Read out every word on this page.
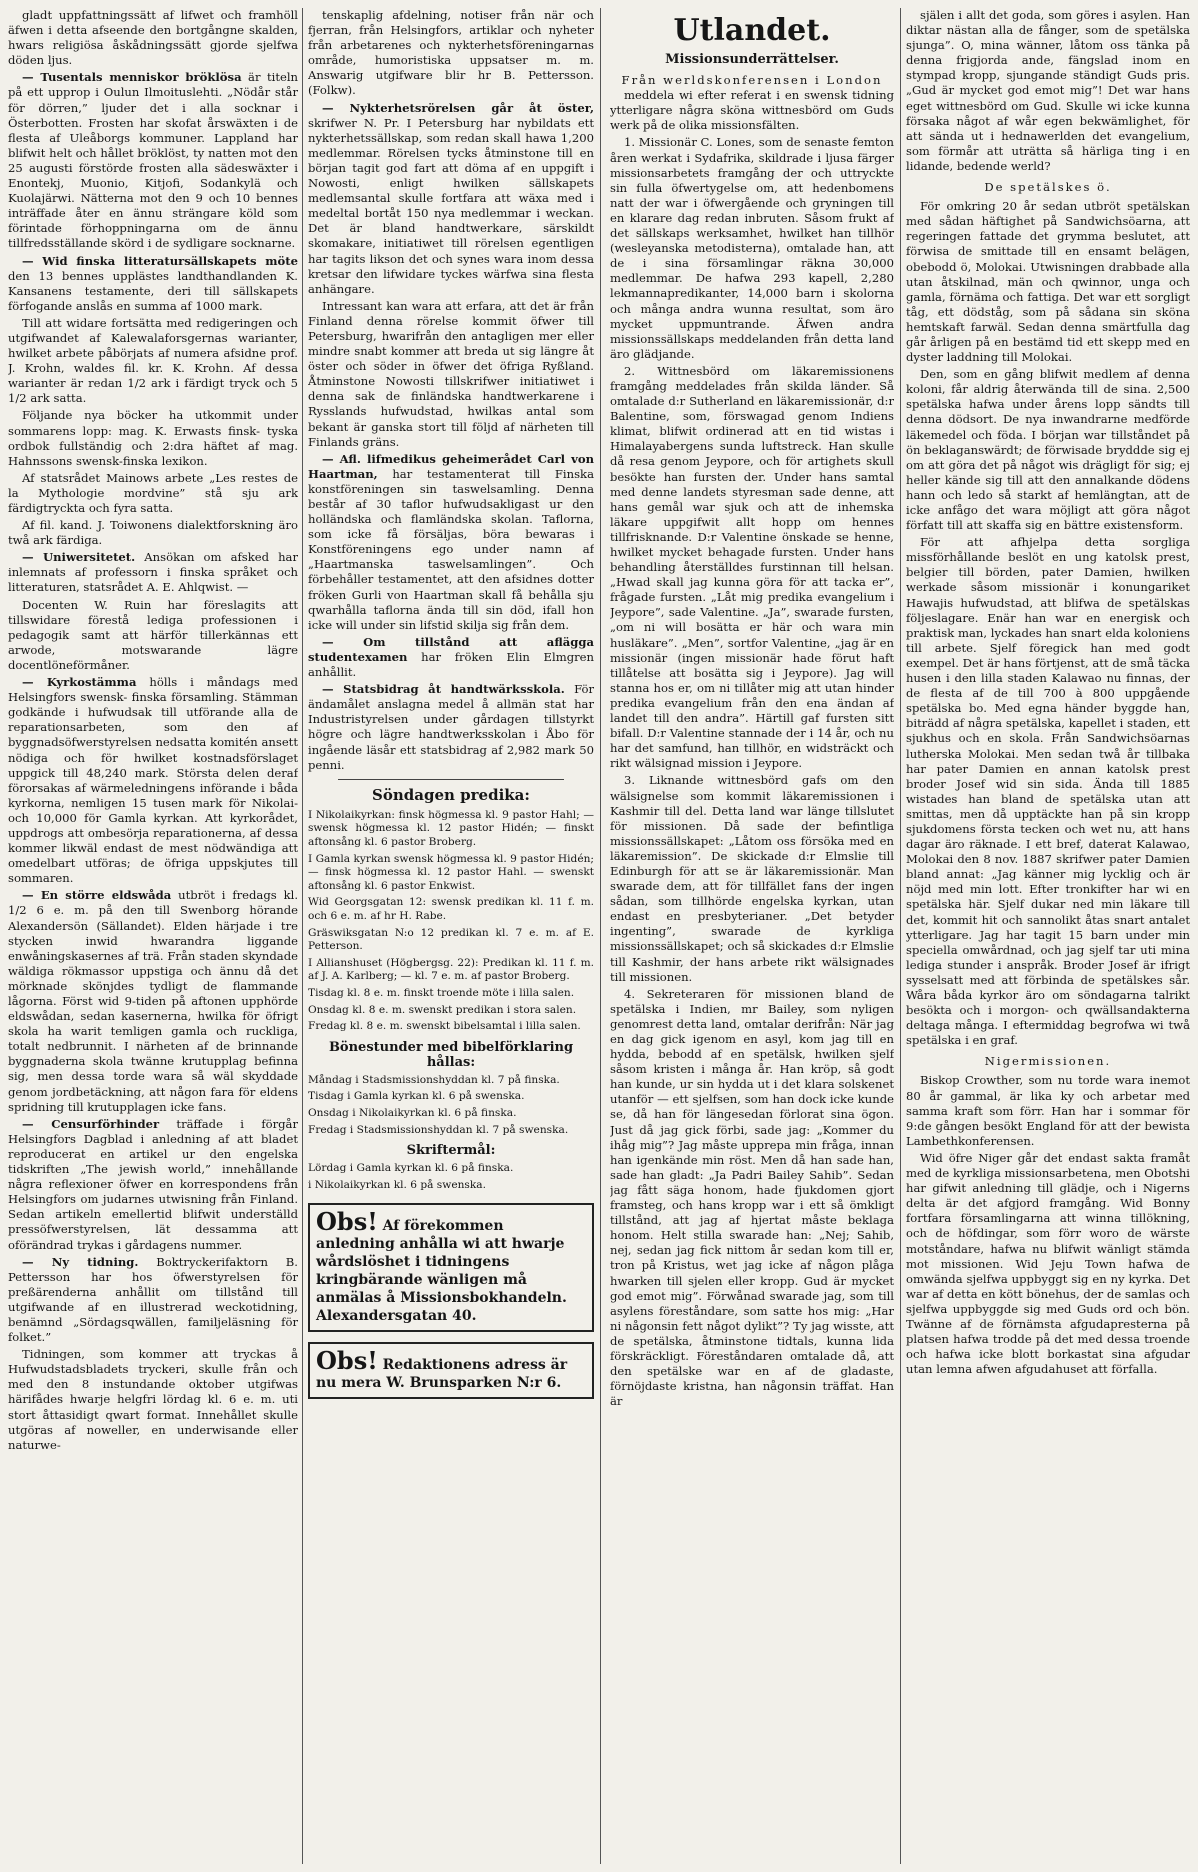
gladt uppfattningssätt af lifwet och framhöll äfwen i detta afseende den bortgångne skalden, hwars religiösa åskådningssätt gjorde sjelfwa döden ljus.

— Tusentals menniskor bröklösa är titeln på ett upprop i Oulun Ilmoituslehti. „Nödår står för dörren,” ljuder det i alla socknar i Österbotten. Frosten har skofat årswäxten i de flesta af Uleåborgs kommuner. Lappland har blifwit helt och hållet bröklöst, ty natten mot den 25 augusti förstörde frosten alla sädeswäxter i Enontekj, Muonio, Kitjofi, Sodankylä och Kuolajärwi. Nätterna mot den 9 och 10 bennes inträffade åter en ännu strängare köld som förintade förhoppningarna om de ännu tillfredsställande skörd i de sydligare socknarne.
— Wid finska litteratursällskapets möte den 13 bennes upplästes landthandlanden K. Kansanens testamente, deri till sällskapets förfogande anslås en summa af 1000 mark.

Till att widare fortsätta med redigeringen och utgifwandet af Kalewalaforsgernas warianter, hwilket arbete påbörjats af numera afsidne prof. J. Krohn, waldes fil. kr. K. Krohn. Af dessa warianter är redan 1/2 ark i färdigt tryck och 5 1/2 ark satta.

Följande nya böcker ha utkommit under sommarens lopp: mag. K. Erwasts finsk- tyska ordbok fullständig och 2:dra häftet af mag. Hahnssons swensk-finska lexikon.

Af statsrådet Mainows arbete „Les restes de la Mythologie mordvine” stå sju ark färdigtryckta och fyra satta.

Af fil. kand. J. Toiwonens dialektforskning äro twå ark färdiga.

— Uniwersitetet. Ansökan om afsked har inlemnats af professorn i finska språket och litteraturen, statsrådet A. E. Ahlqwist. —

Docenten W. Ruin har föreslagits att tillswidare förestå lediga professionen i pedagogik samt att härför tillerkännas ett arwode, motswarande lägre docentlöneförmåner.

— Kyrkostämma hölls i måndags med Helsingfors swensk- finska församling. Stämman godkände i hufwudsak till utförande alla de reparationsarbeten, som den af byggnadsöfwerstyrelsen nedsatta komitén ansett nödiga och för hwilket kostnadsförslaget uppgick till 48,240 mark. Största delen deraf förorsakas af wärmeledningens införande i båda kyrkorna, nemligen 15 tusen mark för Nikolai- och 10,000 för Gamla kyrkan. Att kyrkorådet, uppdrogs att ombesörja reparationerna, af dessa kommer likwäl endast de mest nödwändiga att omedelbart utföras; de öfriga uppskjutes till sommaren.
— En större eldswåda utbröt i fredags kl. 1/2 6 e. m. på den till Swenborg hörande Alexandersön (Sällandet). Elden härjade i tre stycken inwid hwarandra liggande enwåningskasernes af trä. Från staden skyndade wäldiga rökmassor uppstiga och ännu då det mörknade skönjdes tydligt de flammande lågorna. Först wid 9-tiden på aftonen upphörde eldswådan, sedan kasernerna, hwilka för öfrigt skola ha warit temligen gamla och ruckliga, totalt nedbrunnit. I närheten af de brinnande byggnaderna skola twänne krutupplag befinna sig, men dessa torde wara så wäl skyddade genom jordbetäckning, att någon fara för eldens spridning till krutupplagen icke fans.
— Censurförhinder träffade i förgår Helsingfors Dagblad i anledning af att bladet reproducerat en artikel ur den engelska tidskriften „The jewish world,” innehållande några reflexioner öfwer en korrespondens från Helsingfors om judarnes utwisning från Finland. Sedan artikeln emellertid blifwit underställd pressöfwerstyrelsen, lät dessamma att oförändrad trykas i gårdagens nummer.
— Ny tidning. Boktryckerifaktorn B. Pettersson har hos öfwerstyrelsen för preßärenderna anhållit om tillstånd till utgifwande af en illustrerad weckotidning, benämnd „Sördagsqwällen, familjeläsning för folket.”

Tidningen, som kommer att tryckas å Hufwudstadsbladets tryckeri, skulle från och med den 8 instundande oktober utgifwas härifådes hwarje helgfri lördag kl. 6 e. m. uti stort åttasidigt qwart format. Innehållet skulle utgöras af noweller, en underwisande eller naturwe-

tenskaplig afdelning, notiser från när och fjerran, från Helsingfors, artiklar och nyheter från arbetarenes och nykterhetsföreningarnas område, humoristiska uppsatser m. m. Answarig utgifware blir hr B. Pettersson. (Folkw).

— Nykterhetsrörelsen går åt öster, skrifwer N. Pr. I Petersburg har nybildats ett nykterhetssällskap, som redan skall hawa 1,200 medlemmar. Rörelsen tycks åtminstone till en början tagit god fart att döma af en uppgift i Nowosti, enligt hwilken sällskapets medlemsantal skulle fortfara att wäxa med i medeltal bortåt 150 nya medlemmar i weckan. Det är bland handtwerkare, särskildt skomakare, initiatiwet till rörelsen egentligen har tagits likson det och synes wara inom dessa kretsar den lifwidare tyckes wärfwa sina flesta anhängare.

Intressant kan wara att erfara, att det är från Finland denna rörelse kommit öfwer till Petersburg, hwarifrån den antagligen mer eller mindre snabt kommer att breda ut sig längre åt öster och söder in öfwer det öfriga Ryßland. Åtminstone Nowosti tillskrifwer initiatiwet i denna sak de finländska handtwerkarene i Rysslands hufwudstad, hwilkas antal som bekant är ganska stort till följd af närheten till Finlands gräns.

— Afl. lifmedikus geheimerådet Carl von Haartman, har testamenterat till Finska konstföreningen sin taswelsamling. Denna består af 30 taflor hufwudsakligast ur den holländska och flamländska skolan. Taflorna, som icke få försäljas, böra bewaras i Konstföreningens ego under namn af „Haartmanska taswelsamlingen”. Och förbehåller testamentet, att den afsidnes dotter fröken Gurli von Haartman skall få behålla sju qwarhålla taflorna ända till sin död, ifall hon icke will under sin lifstid skilja sig från dem.
— Om tillstånd att aflägga studentexamen har fröken Elin Elmgren anhållit.
— Statsbidrag åt handtwärksskola. För ändamålet anslagna medel å allmän stat har Industristyrelsen under gårdagen tillstyrkt högre och lägre handtwerksskolan i Åbo för ingående läsår ett statsbidrag af 2,982 mark 50 penni.
Söndagen predika:

I Nikolaikyrkan: finsk högmessa kl. 9 pastor Hahl; — swensk högmessa kl. 12 pastor Hidén; — finskt aftonsång kl. 6 pastor Broberg.

I Gamla kyrkan swensk högmessa kl. 9 pastor Hidén; — finsk högmessa kl. 12 pastor Hahl. — swenskt aftonsång kl. 6 pastor Enkwist.

Wid Georgsgatan 12: swensk predikan kl. 11 f. m. och 6 e. m. af hr H. Rabe.

Gräswiksgatan N:o 12 predikan kl. 7 e. m. af E. Petterson.

I Allianshuset (Högbergsg. 22): Predikan kl. 11 f. m. af J. A. Karlberg; — kl. 7 e. m. af pastor Broberg.

Tisdag kl. 8 e. m. finskt troende möte i lilla salen.

Onsdag kl. 8 e. m. swenskt predikan i stora salen.

Fredag kl. 8 e. m. swenskt bibelsamtal i lilla salen.

Bönestunder med bibelförklaring hållas:

Måndag i Stadsmissionshyddan kl. 7 på finska.

Tisdag i Gamla kyrkan kl. 6 på swenska.

Onsdag i Nikolaikyrkan kl. 6 på finska.

Fredag i Stadsmissionshyddan kl. 7 på swenska.

Skriftermål:

Lördag i Gamla kyrkan kl. 6 på finska.

i Nikolaikyrkan kl. 6 på swenska.

Obs! Af förekommen anledning anhålla wi att hwarje wårdslöshet i tidningens kringbärande wänligen må anmälas å Missionsbokhandeln. Alexandersgatan 40.
Obs! Redaktionens adress är nu mera W. Brunsparken N:r 6.
Utlandet.
Missionsunderrättelser.
Från werldskonferensen i London

meddela wi efter referat i en swensk tidning ytterligare några sköna wittnesbörd om Guds werk på de olika missionsfälten.

1. Missionär C. Lones, som de senaste femton åren werkat i Sydafrika, skildrade i ljusa färger missionsarbetets framgång der och uttryckte sin fulla öfwertygelse om, att hedenbomens natt der war i öfwergående och gryningen till en klarare dag redan inbruten. Såsom frukt af det sällskaps werksamhet, hwilket han tillhör (wesleyanska metodisterna), omtalade han, att de i sina församlingar räkna 30,000 medlemmar. De hafwa 293 kapell, 2,280 lekmannapredikanter, 14,000 barn i skolorna och många andra wunna resultat, som äro mycket uppmuntrande. Äfwen andra missionssällskaps meddelanden från detta land äro glädjande.

2. Wittnesbörd om läkaremissionens framgång meddelades från skilda länder. Så omtalade d:r Sutherland en läkaremissionär, d:r Balentine, som, förswagad genom Indiens klimat, blifwit ordinerad att en tid wistas i Himalayabergens sunda luftstreck. Han skulle då resa genom Jeypore, och för artighets skull besökte han fursten der. Under hans samtal med denne landets styresman sade denne, att hans gemål war sjuk och att de inhemska läkare uppgifwit allt hopp om hennes tillfrisknande. D:r Valentine önskade se henne, hwilket mycket behagade fursten. Under hans behandling återställdes furstinnan till helsan. „Hwad skall jag kunna göra för att tacka er”, frågade fursten. „Låt mig predika evangelium i Jeypore”, sade Valentine. „Ja”, swarade fursten, „om ni will bosätta er här och wara min husläkare”. „Men”, sortfor Valentine, „jag är en missionär (ingen missionär hade förut haft tillåtelse att bosätta sig i Jeypore). Jag will stanna hos er, om ni tillåter mig att utan hinder predika evangelium från den ena ändan af landet till den andra”. Härtill gaf fursten sitt bifall. D:r Valentine stannade der i 14 år, och nu har det samfund, han tillhör, en widsträckt och rikt wälsignad mission i Jeypore.

3. Liknande wittnesbörd gafs om den wälsignelse som kommit läkaremissionen i Kashmir till del. Detta land war länge tillslutet för missionen. Då sade der befintliga missionssällskapet: „Låtom oss försöka med en läkaremission”. De skickade d:r Elmslie till Edinburgh för att se är läkaremissionär. Man swarade dem, att för tillfället fans der ingen sådan, som tillhörde engelska kyrkan, utan endast en presbyterianer. „Det betyder ingenting”, swarade de kyrkliga missionssällskapet; och så skickades d:r Elmslie till Kashmir, der hans arbete rikt wälsignades till missionen.

4. Sekreteraren för missionen bland de spetälska i Indien, mr Bailey, som nyligen genomrest detta land, omtalar derifrån: När jag en dag gick igenom en asyl, kom jag till en hydda, bebodd af en spetälsk, hwilken sjelf såsom kristen i många år. Han kröp, så godt han kunde, ur sin hydda ut i det klara solskenet utanför — ett sjelfsen, som han dock icke kunde se, då han för längesedan förlorat sina ögon. Just då jag gick förbi, sade jag: „Kommer du ihåg mig”? Jag måste upprepa min fråga, innan han igenkände min röst. Men då han sade han, sade han gladt: „Ja Padri Bailey Sahib”. Sedan jag fått säga honom, hade fjukdomen gjort framsteg, och hans kropp war i ett så ömkligt tillstånd, att jag af hjertat måste beklaga honom. Helt stilla swarade han: „Nej; Sahib, nej, sedan jag fick nittom år sedan kom till er, tron på Kristus, wet jag icke af någon plåga hwarken till sjelen eller kropp. Gud är mycket god emot mig”. Förwånad swarade jag, som till asylens föreståndare, som satte hos mig: „Har ni någonsin fett något dylikt”? Ty jag wisste, att de spetälska, åtminstone tidtals, kunna lida förskräckligt. Föreståndaren omtalade då, att den spetälske war en af de gladaste, förnöjdaste kristna, han någonsin träffat. Han är

själen i allt det goda, som göres i asylen. Han diktar nästan alla de fånger, som de spetälska sjunga”. O, mina wänner, låtom oss tänka på denna frigjorda ande, fängslad inom en stympad kropp, sjungande ständigt Guds pris. „Gud är mycket god emot mig”! Det war hans eget wittnesbörd om Gud. Skulle wi icke kunna försaka något af wår egen bekwämlighet, för att sända ut i hednawerlden det evangelium, som förmår att uträtta så härliga ting i en lidande, bedende werld?

De spetälskes ö.

För omkring 20 år sedan utbröt spetälskan med sådan häftighet på Sandwichsöarna, att regeringen fattade det grymma beslutet, att förwisa de smittade till en ensamt belägen, obebodd ö, Molokai. Utwisningen drabbade alla utan åtskilnad, män och qwinnor, unga och gamla, förnäma och fattiga. Det war ett sorgligt tåg, ett dödståg, som på sådana sin sköna hemtskaft farwäl. Sedan denna smärtfulla dag går årligen på en bestämd tid ett skepp med en dyster laddning till Molokai.

Den, som en gång blifwit medlem af denna koloni, får aldrig återwända till de sina. 2,500 spetälska hafwa under årens lopp sändts till denna dödsort. De nya inwandrarne medförde läkemedel och föda. I början war tillståndet på ön beklaganswärdt; de förwisade bryddde sig ej om att göra det på något wis drägligt för sig; ej heller kände sig till att den annalkande dödens hann och ledo så starkt af hemlängtan, att de icke anfågo det wara möjligt att göra något författ till att skaffa sig en bättre existensform.

För att afhjelpa detta sorgliga missförhållande beslöt en ung katolsk prest, belgier till börden, pater Damien, hwilken werkade såsom missionär i konungariket Hawajis hufwudstad, att blifwa de spetälskas följeslagare. Enär han war en energisk och praktisk man, lyckades han snart elda koloniens till arbete. Sjelf föregick han med godt exempel. Det är hans förtjenst, att de små täcka husen i den lilla staden Kalawao nu finnas, der de flesta af de till 700 à 800 uppgående spetälska bo. Med egna händer byggde han, biträdd af några spetälska, kapellet i staden, ett sjukhus och en skola. Från Sandwichsöarnas lutherska Molokai. Men sedan twå år tillbaka har pater Damien en annan katolsk prest broder Josef wid sin sida. Ända till 1885 wistades han bland de spetälska utan att smittas, men då upptäckte han på sin kropp sjukdomens första tecken och wet nu, att hans dagar äro räknade. I ett bref, daterat Kalawao, Molokai den 8 nov. 1887 skrifwer pater Damien bland annat: „Jag känner mig lycklig och är nöjd med min lott. Efter tronkifter har wi en spetälska här. Sjelf dukar ned min läkare till det, kommit hit och sannolikt åtas snart antalet ytterligare. Jag har tagit 15 barn under min speciella omwårdnad, och jag sjelf tar uti mina lediga stunder i anspråk. Broder Josef är ifrigt sysselsatt med att förbinda de spetälskes sår. Wåra båda kyrkor äro om söndagarna talrikt besökta och i morgon- och qwällsandakterna deltaga många. I eftermiddag begrofwa wi twå spetälska i en graf.

Nigermissionen.

Biskop Crowther, som nu torde wara inemot 80 år gammal, är lika ky och arbetar med samma kraft som förr. Han har i sommar för 9:de gången besökt England för att der bewista Lambethkonferensen.

Wid öfre Niger går det endast sakta framåt med de kyrkliga missionsarbetena, men Obotshi har gifwit anledning till glädje, och i Nigerns delta är det afgjord framgång. Wid Bonny fortfara församlingarna att winna tillökning, och de höfdingar, som förr woro de wärste motståndare, hafwa nu blifwit wänligt stämda mot missionen. Wid Jeju Town hafwa de omwända sjelfwa uppbyggt sig en ny kyrka. Det war af detta en kött bönehus, der de samlas och sjelfwa uppbyggde sig med Guds ord och bön. Twänne af de förnämsta afgudapresterna på platsen hafwa trodde på det med dessa troende och hafwa icke blott borkastat sina afgudar utan lemna afwen afgudahuset att förfalla.
